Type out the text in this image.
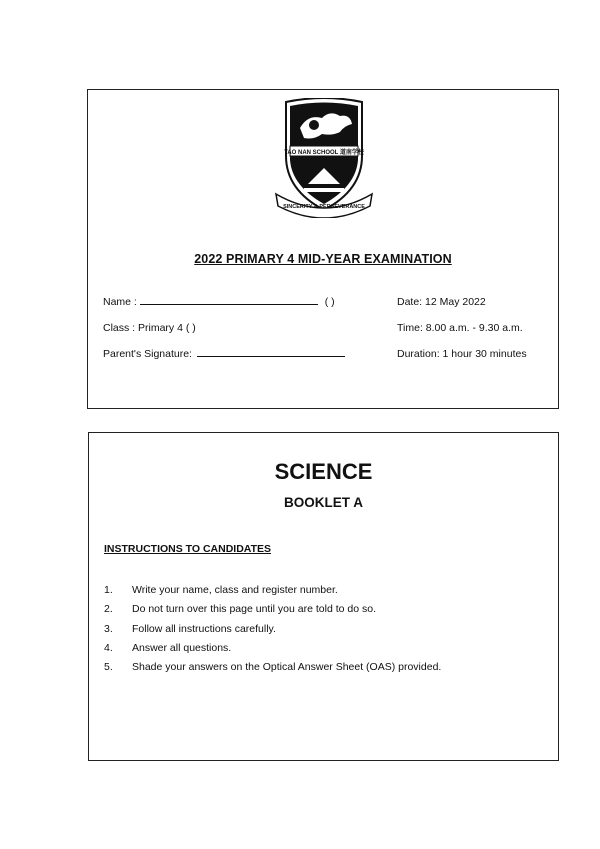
TAO NAN SCHOOL 道南学校
SINCERITY & PERSEVERANCE
2022 PRIMARY 4 MID-YEAR EXAMINATION
Name :	( )
Class : Primary 4 ( )
Parent's Signature:
Date: 12 May 2022
Time: 8.00 a.m. - 9.30 a.m.
Duration: 1 hour 30 minutes
SCIENCE
BOOKLET A
INSTRUCTIONS TO CANDIDATES
1. Write your name, class and register number.
2. Do not turn over this page until you are told to do so.
3. Follow all instructions carefully.
4. Answer all questions.
5. Shade your answers on the Optical Answer Sheet (OAS) provided.
